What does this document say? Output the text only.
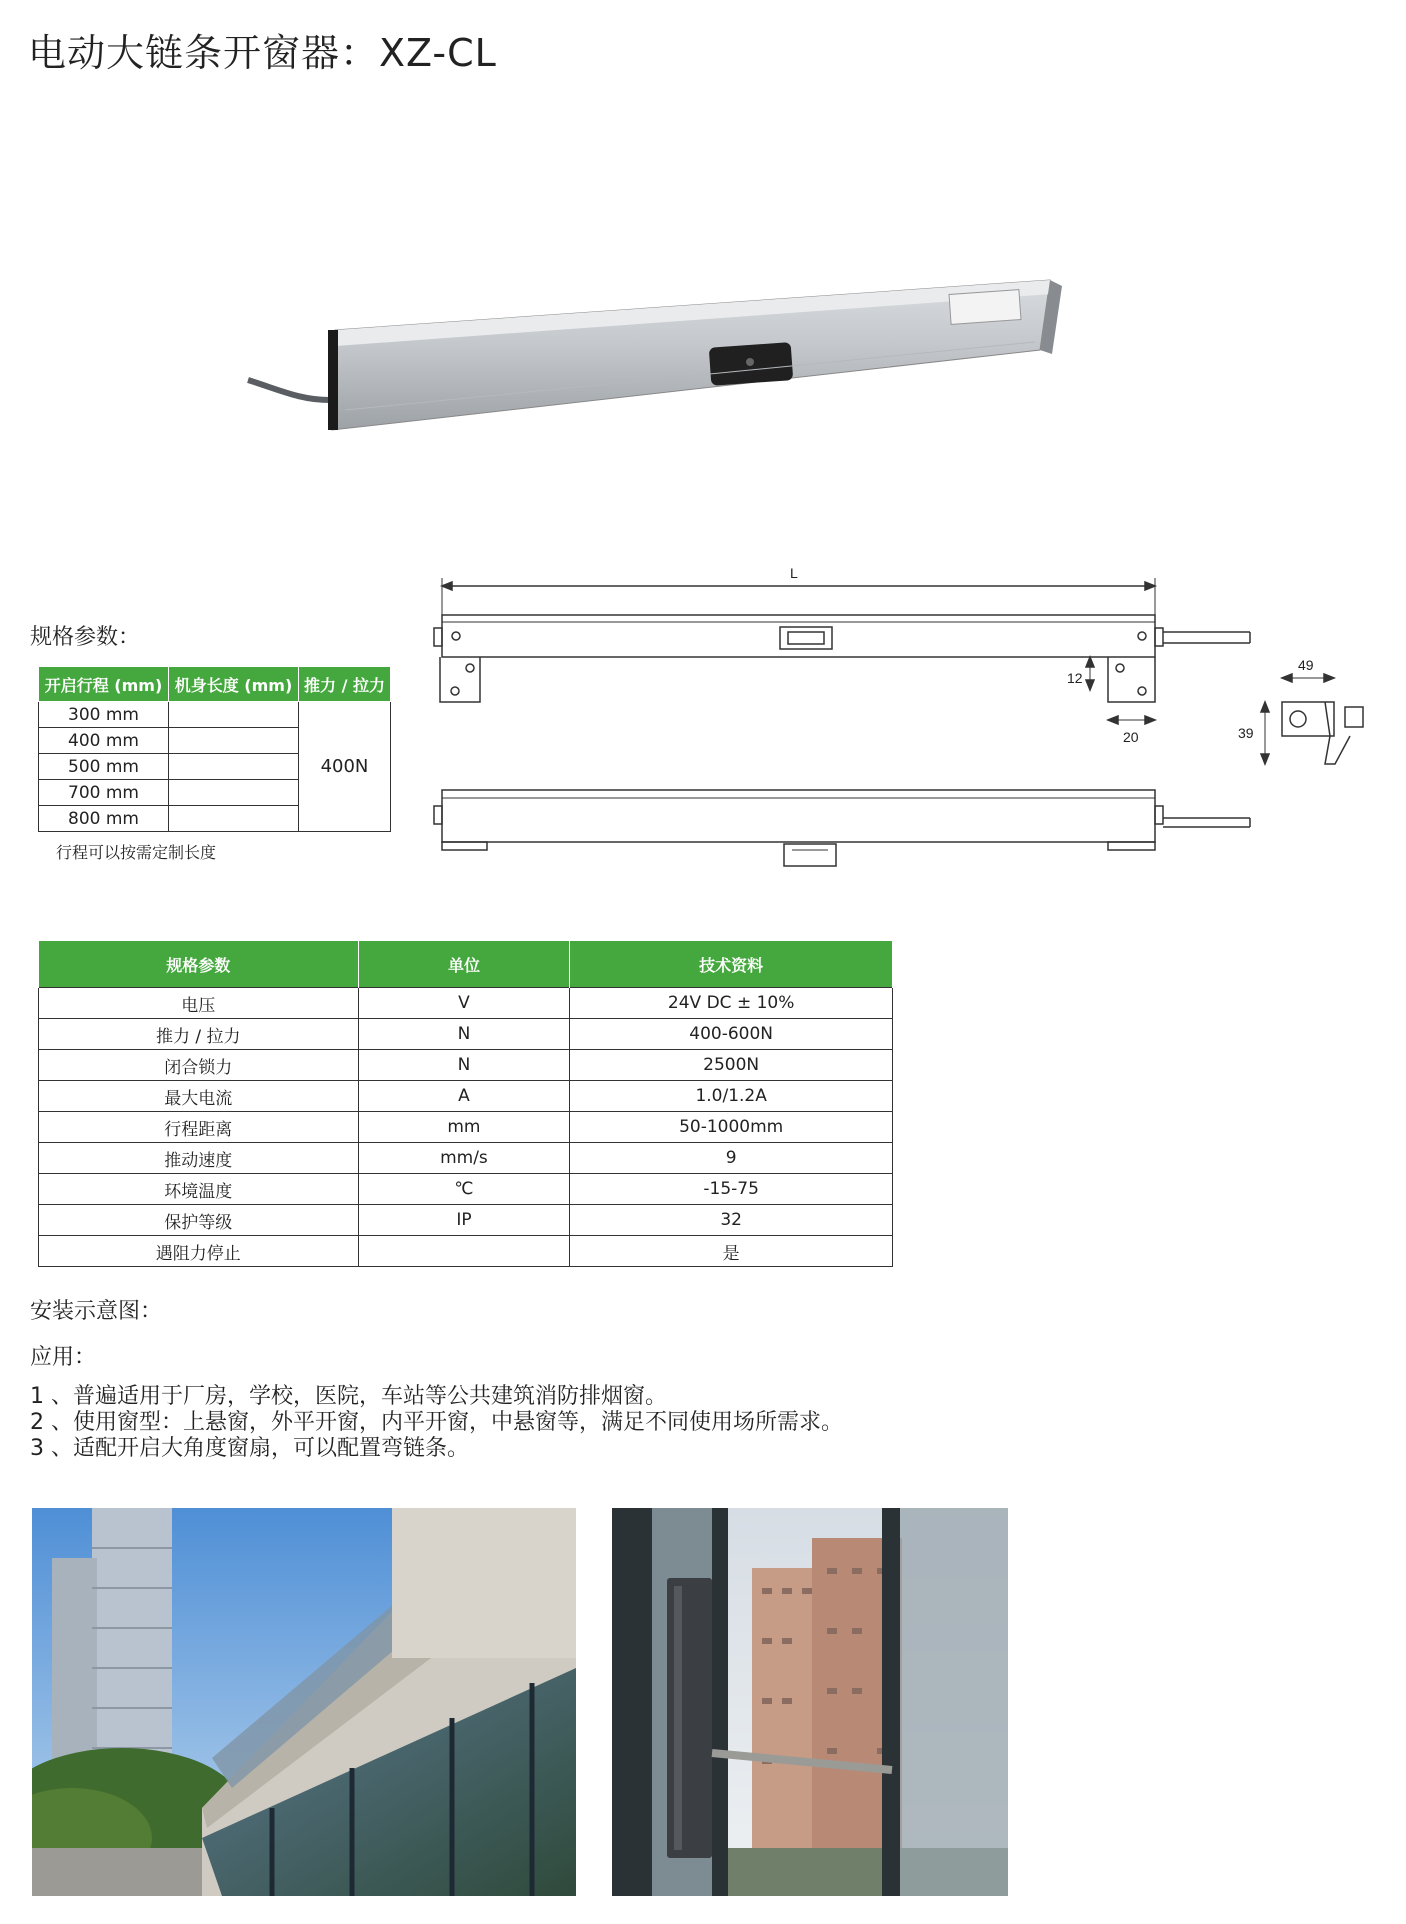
电动大链条开窗器：XZ-CL
规格参数：
开启行程 (mm)	机身长度 (mm)	推力 / 拉力
300 mm		400N
400 mm		
500 mm		
700 mm		
800 mm		
行程可以按需定制长度
L
12
20
49
39
规格参数	单位	技术资料
电压	V	24V DC ± 10%
推力 / 拉力	N	400-600N
闭合锁力	N	2500N
最大电流	A	1.0/1.2A
行程距离	mm	50-1000mm
推动速度	mm/s	9
环境温度	℃	-15-75
保护等级	IP	32
遇阻力停止		是
安装示意图：
应用：
1 、普遍适用于厂房，学校，医院，车站等公共建筑消防排烟窗。
2 、使用窗型：上悬窗，外平开窗，内平开窗，中悬窗等，满足不同使用场所需求。
3 、适配开启大角度窗扇，可以配置弯链条。
